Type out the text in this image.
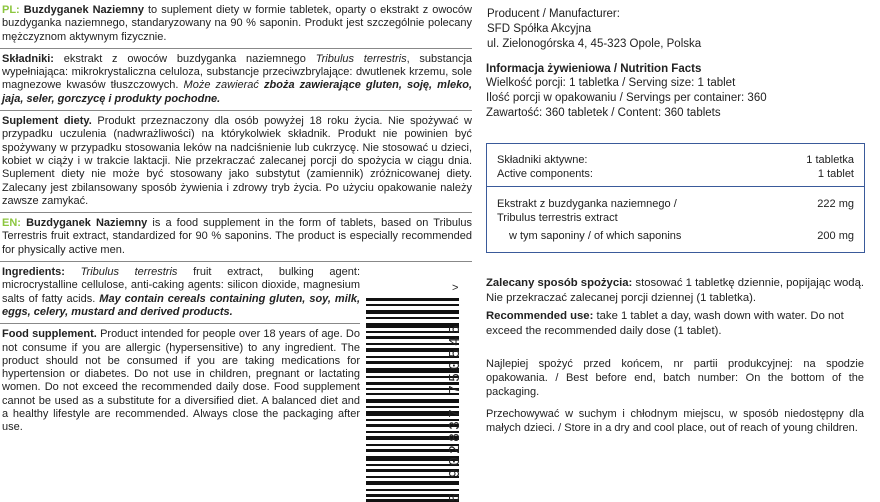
PL: Buzdyganek Naziemny to suplement diety w formie tabletek, oparty o ekstrakt z owoców buzdyganka naziemnego, standaryzowany na 90 % saponin. Produkt jest szczególnie polecany mężczyznom aktywnym fizycznie.

Składniki: ekstrakt z owoców buzdyganka naziemnego Tribulus terrestris, substancja wypełniająca: mikrokrystaliczna celuloza, substancje przeciwzbrylające: dwutlenek krzemu, sole magnezowe kwasów tłuszczowych. Może zawierać zboża zawierające gluten, soję, mleko, jaja, seler, gorczycę i produkty pochodne.

Suplement diety. Produkt przeznaczony dla osób powyżej 18 roku życia. Nie spożywać w przypadku uczulenia (nadwrażliwości) na którykolwiek składnik. Produkt nie powinien być spożywany w przypadku stosowania leków na nadciśnienie lub cukrzycę. Nie stosować u dzieci, kobiet w ciąży i w trakcie laktacji. Nie przekraczać zalecanej porcji do spożycia w ciągu dnia. Suplement diety nie może być stosowany jako substytut (zamiennik) zróżnicowanej diety. Zalecany jest zbilansowany sposób żywienia i zdrowy tryb życia. Po użyciu opakowanie należy zawsze zamykać.

EN: Buzdyganek Naziemny is a food supplement in the form of tablets, based on Tribulus Terrestris fruit extract, standardized for 90 % saponins. The product is especially recommended for physically active men.

Ingredients: Tribulus terrestris fruit extract, bulking agent: microcrystalline cellulose, anti-caking agents: silicon dioxide, magnesium salts of fatty acids. May contain cereals containing gluten, soy, milk, eggs, celery, mustard and derived products.

Food supplement. Product intended for people over 18 years of age. Do not consume if you are allergic (hypersensitive) to any ingredient. The product should not be consumed if you are taking medications for hypertension or diabetes. Do not use in children, pregnant or lactating women. Do not exceed the recommended daily dose. Food supplement cannot be used as a substitute for a diversified diet. A balanced diet and a healthy lifestyle are recommended. Always close the packaging after use.

>
5 902837 750545
Producent / Manufacturer:
SFD Spółka Akcyjna
ul. Zielonogórska 4, 45-323 Opole, Polska
Informacja żywieniowa / Nutrition Facts
Wielkość porcji: 1 tabletka / Serving size: 1 tablet
Ilość porcji w opakowaniu / Servings per container: 360
Zawartość: 360 tabletek / Content: 360 tablets
Składniki aktywne:	1 tabletka
Active components:	1 tablet
Ekstrakt z buzdyganka naziemnego /	222 mg
Tribulus terrestris extract
w tym saponiny / of which saponins	200 mg
Zalecany sposób spożycia: stosować 1 tabletkę dziennie, popijając wodą. Nie przekraczać zalecanej porcji dziennej (1 tabletka).
Recommended use: take 1 tablet a day, wash down with water. Do not exceed the recommended daily dose (1 tablet).
Najlepiej spożyć przed końcem, nr partii produkcyjnej: na spodzie opakowania. / Best before end, batch number: On the bottom of the packaging.
Przechowywać w suchym i chłodnym miejscu, w sposób niedostępny dla małych dzieci. / Store in a dry and cool place, out of reach of young children.
